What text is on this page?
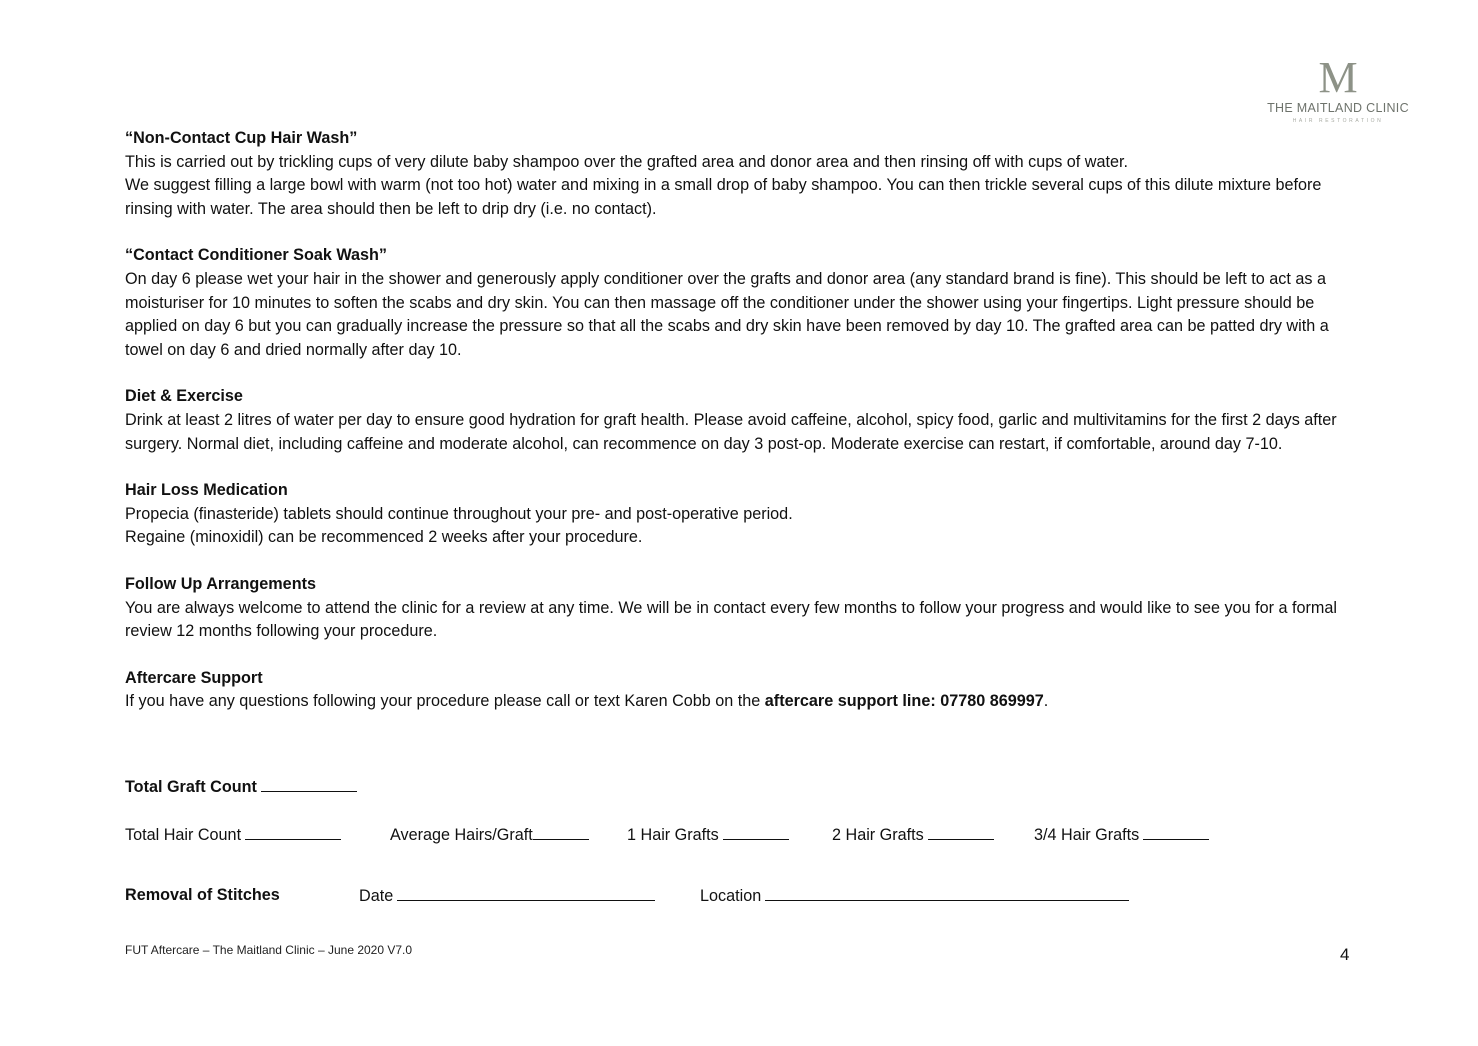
M
THE MAITLAND CLINIC
HAIR RESTORATION

“Non-Contact Cup Hair Wash”

This is carried out by trickling cups of very dilute baby shampoo over the grafted area and donor area and then rinsing off with cups of water.

We suggest filling a large bowl with warm (not too hot) water and mixing in a small drop of baby shampoo. You can then trickle several cups of this dilute mixture before rinsing with water. The area should then be left to drip dry (i.e. no contact).

“Contact Conditioner Soak Wash”

On day 6 please wet your hair in the shower and generously apply conditioner over the grafts and donor area (any standard brand is fine). This should be left to act as a moisturiser for 10 minutes to soften the scabs and dry skin. You can then massage off the conditioner under the shower using your fingertips. Light pressure should be applied on day 6 but you can gradually increase the pressure so that all the scabs and dry skin have been removed by day 10. The grafted area can be patted dry with a towel on day 6 and dried normally after day 10.

Diet & Exercise

Drink at least 2 litres of water per day to ensure good hydration for graft health. Please avoid caffeine, alcohol, spicy food, garlic and multivitamins for the first 2 days after surgery. Normal diet, including caffeine and moderate alcohol, can recommence on day 3 post-op. Moderate exercise can restart, if comfortable, around day 7-10.

Hair Loss Medication

Propecia (finasteride) tablets should continue throughout your pre- and post-operative period.

Regaine (minoxidil) can be recommenced 2 weeks after your procedure.

Follow Up Arrangements

You are always welcome to attend the clinic for a review at any time. We will be in contact every few months to follow your progress and would like to see you for a formal review 12 months following your procedure.

Aftercare Support

If you have any questions following your procedure please call or text Karen Cobb on the aftercare support line: 07780 869997.

Total Graft Count
Total Hair Count	Average Hairs/Graft	1 Hair Grafts	2 Hair Grafts	3/4 Hair Grafts
Removal of Stitches	Date	Location
FUT Aftercare – The Maitland Clinic – June 2020 V7.0	4
